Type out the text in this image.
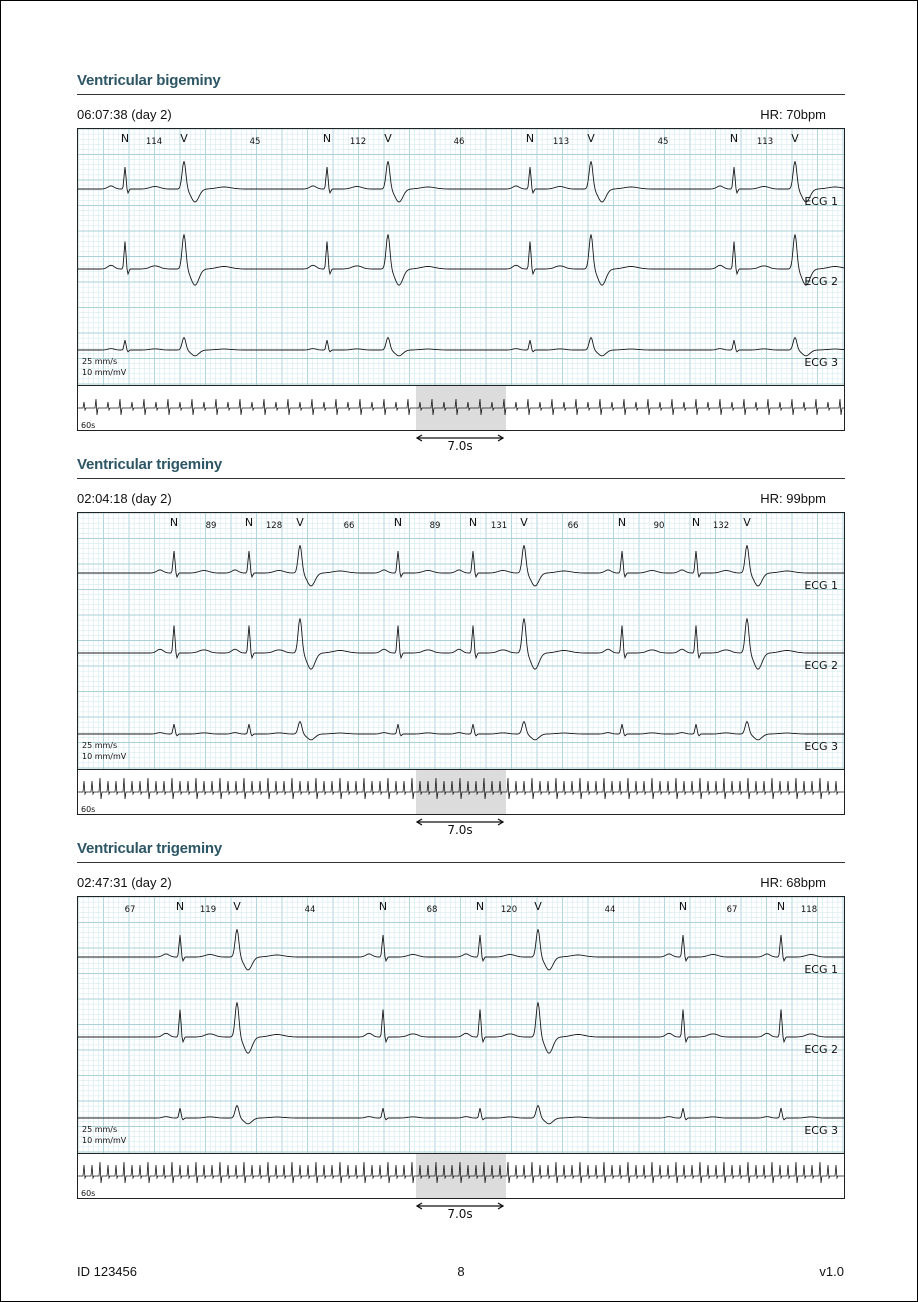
Ventricular bigeminy
06:07:38 (day 2)	HR: 70bpm
N	V	N	V	N	V	N	V
114	45	112	46	113	45	113
ECG 1
ECG 2
ECG 3
25 mm/s
10 mm/mV
60s
7.0s
Ventricular trigeminy
02:04:18 (day 2)	HR: 99bpm
N	N	V	N	N	V	N	N	V
89	128	66	89	131	66	90	132
ECG 1
ECG 2
ECG 3
25 mm/s
10 mm/mV
60s
7.0s
Ventricular trigeminy
02:47:31 (day 2)	HR: 68bpm
N	V	N	N	V	N	N
67	119	44	68	120	44	67	118
ECG 1
ECG 2
ECG 3
25 mm/s
10 mm/mV
60s
7.0s
ID 123456	8	v1.0
